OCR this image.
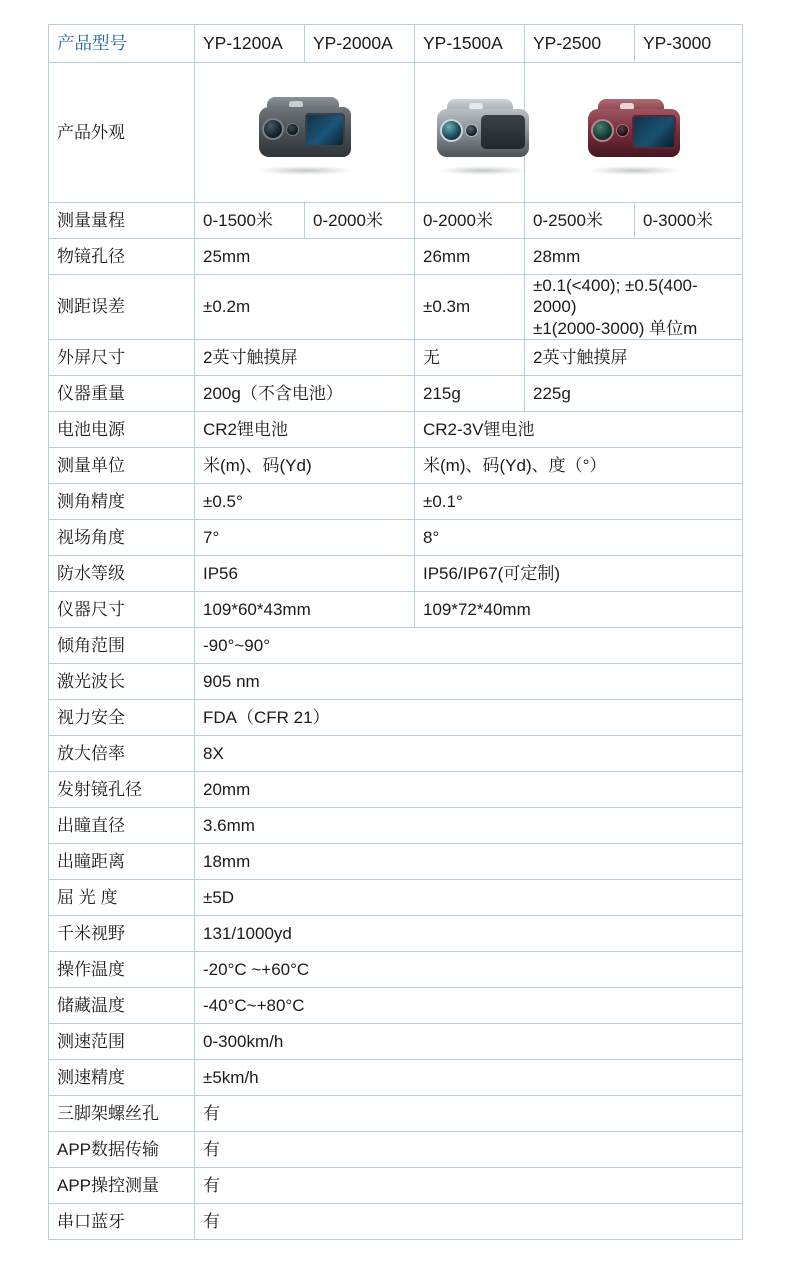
产品型号	YP-1200A	YP-2000A	YP-1500A	YP-2500	YP-3000
产品外观			

测量量程	0-1500米	0-2000米	0-2000米	0-2500米	0-3000米
物镜孔径	25mm		26mm	28mm	
测距误差	±0.2m		±0.3m	±0.1(<400); ±0.5(400-2000)
±1(2000-3000) 单位m	
外屏尺寸	2英寸触摸屏		无	2英寸触摸屏	
仪器重量	200g（不含电池）		215g	225g	
电池电源	CR2锂电池		CR2-3V锂电池		
测量单位	米(m)、码(Yd)		米(m)、码(Yd)、度（°）		
测角精度	±0.5°		±0.1°		
视场角度	7°		8°		
防水等级	IP56		IP56/IP67(可定制)		
仪器尺寸	109*60*43mm		109*72*40mm		
倾角范围	-90°~90°				
激光波长	905 nm				
视力安全	FDA（CFR 21）				
放大倍率	8X				
发射镜孔径	20mm				
出瞳直径	3.6mm				
出瞳距离	18mm				
屈 光 度	±5D				
千米视野	131/1000yd				
操作温度	-20°C ~+60°C				
储藏温度	-40°C~+80°C				
测速范围	0-300km/h				
测速精度	±5km/h				
三脚架螺丝孔	有				
APP数据传输	有				
APP操控测量	有				
串口蓝牙	有				
